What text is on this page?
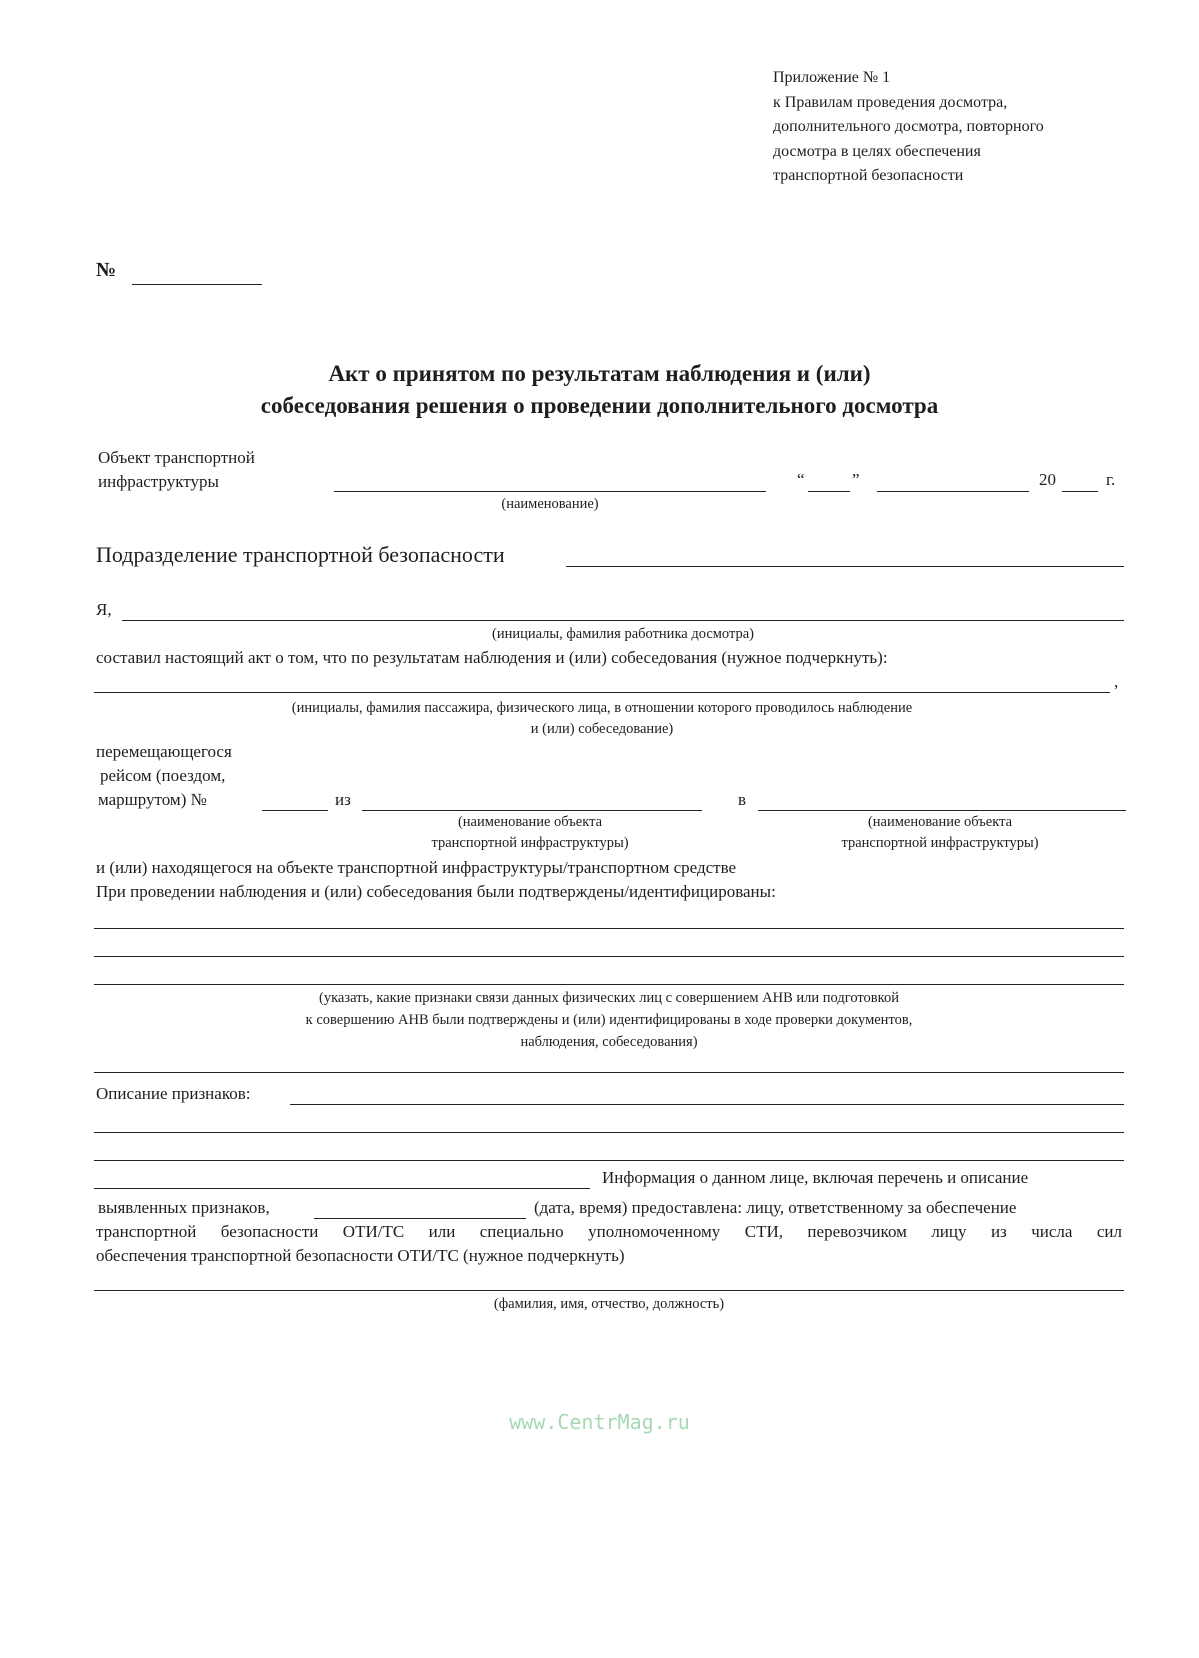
Приложение № 1
к Правилам проведения досмотра,
дополнительного досмотра, повторного
досмотра в целях обеспечения
транспортной безопасности
№
Акт о принятом по результатам наблюдения и (или)
собеседования решения о проведении дополнительного досмотра
Объект транспортной
инфраструктуры
(наименование)
“	”	20	г.
Подразделение транспортной безопасности
Я,
(инициалы, фамилия работника досмотра)
составил настоящий акт о том, что по результатам наблюдения и (или) собеседования (нужное подчеркнуть):
,
(инициалы, фамилия пассажира, физического лица, в отношении которого проводилось наблюдение
и (или) собеседование)
перемещающегося
рейсом (поездом,
маршрутом) №	из	в
(наименование объекта
транспортной инфраструктуры)
(наименование объекта
транспортной инфраструктуры)
и (или) находящегося на объекте транспортной инфраструктуры/транспортном средстве
При проведении наблюдения и (или) собеседования были подтверждены/идентифицированы:
(указать, какие признаки связи данных физических лиц с совершением АНВ или подготовкой
к совершению АНВ были подтверждены и (или) идентифицированы в ходе проверки документов,
наблюдения, собеседования)
Описание признаков:
Информация о данном лице, включая перечень и описание
выявленных признаков,	(дата, время) предоставлена: лицу, ответственному за обеспечение
транспортной безопасности ОТИ/ТС или специально уполномоченному СТИ, перевозчиком лицу из числа сил
обеспечения транспортной безопасности ОТИ/ТС (нужное подчеркнуть)
(фамилия, имя, отчество, должность)
www.CentrMag.ru
